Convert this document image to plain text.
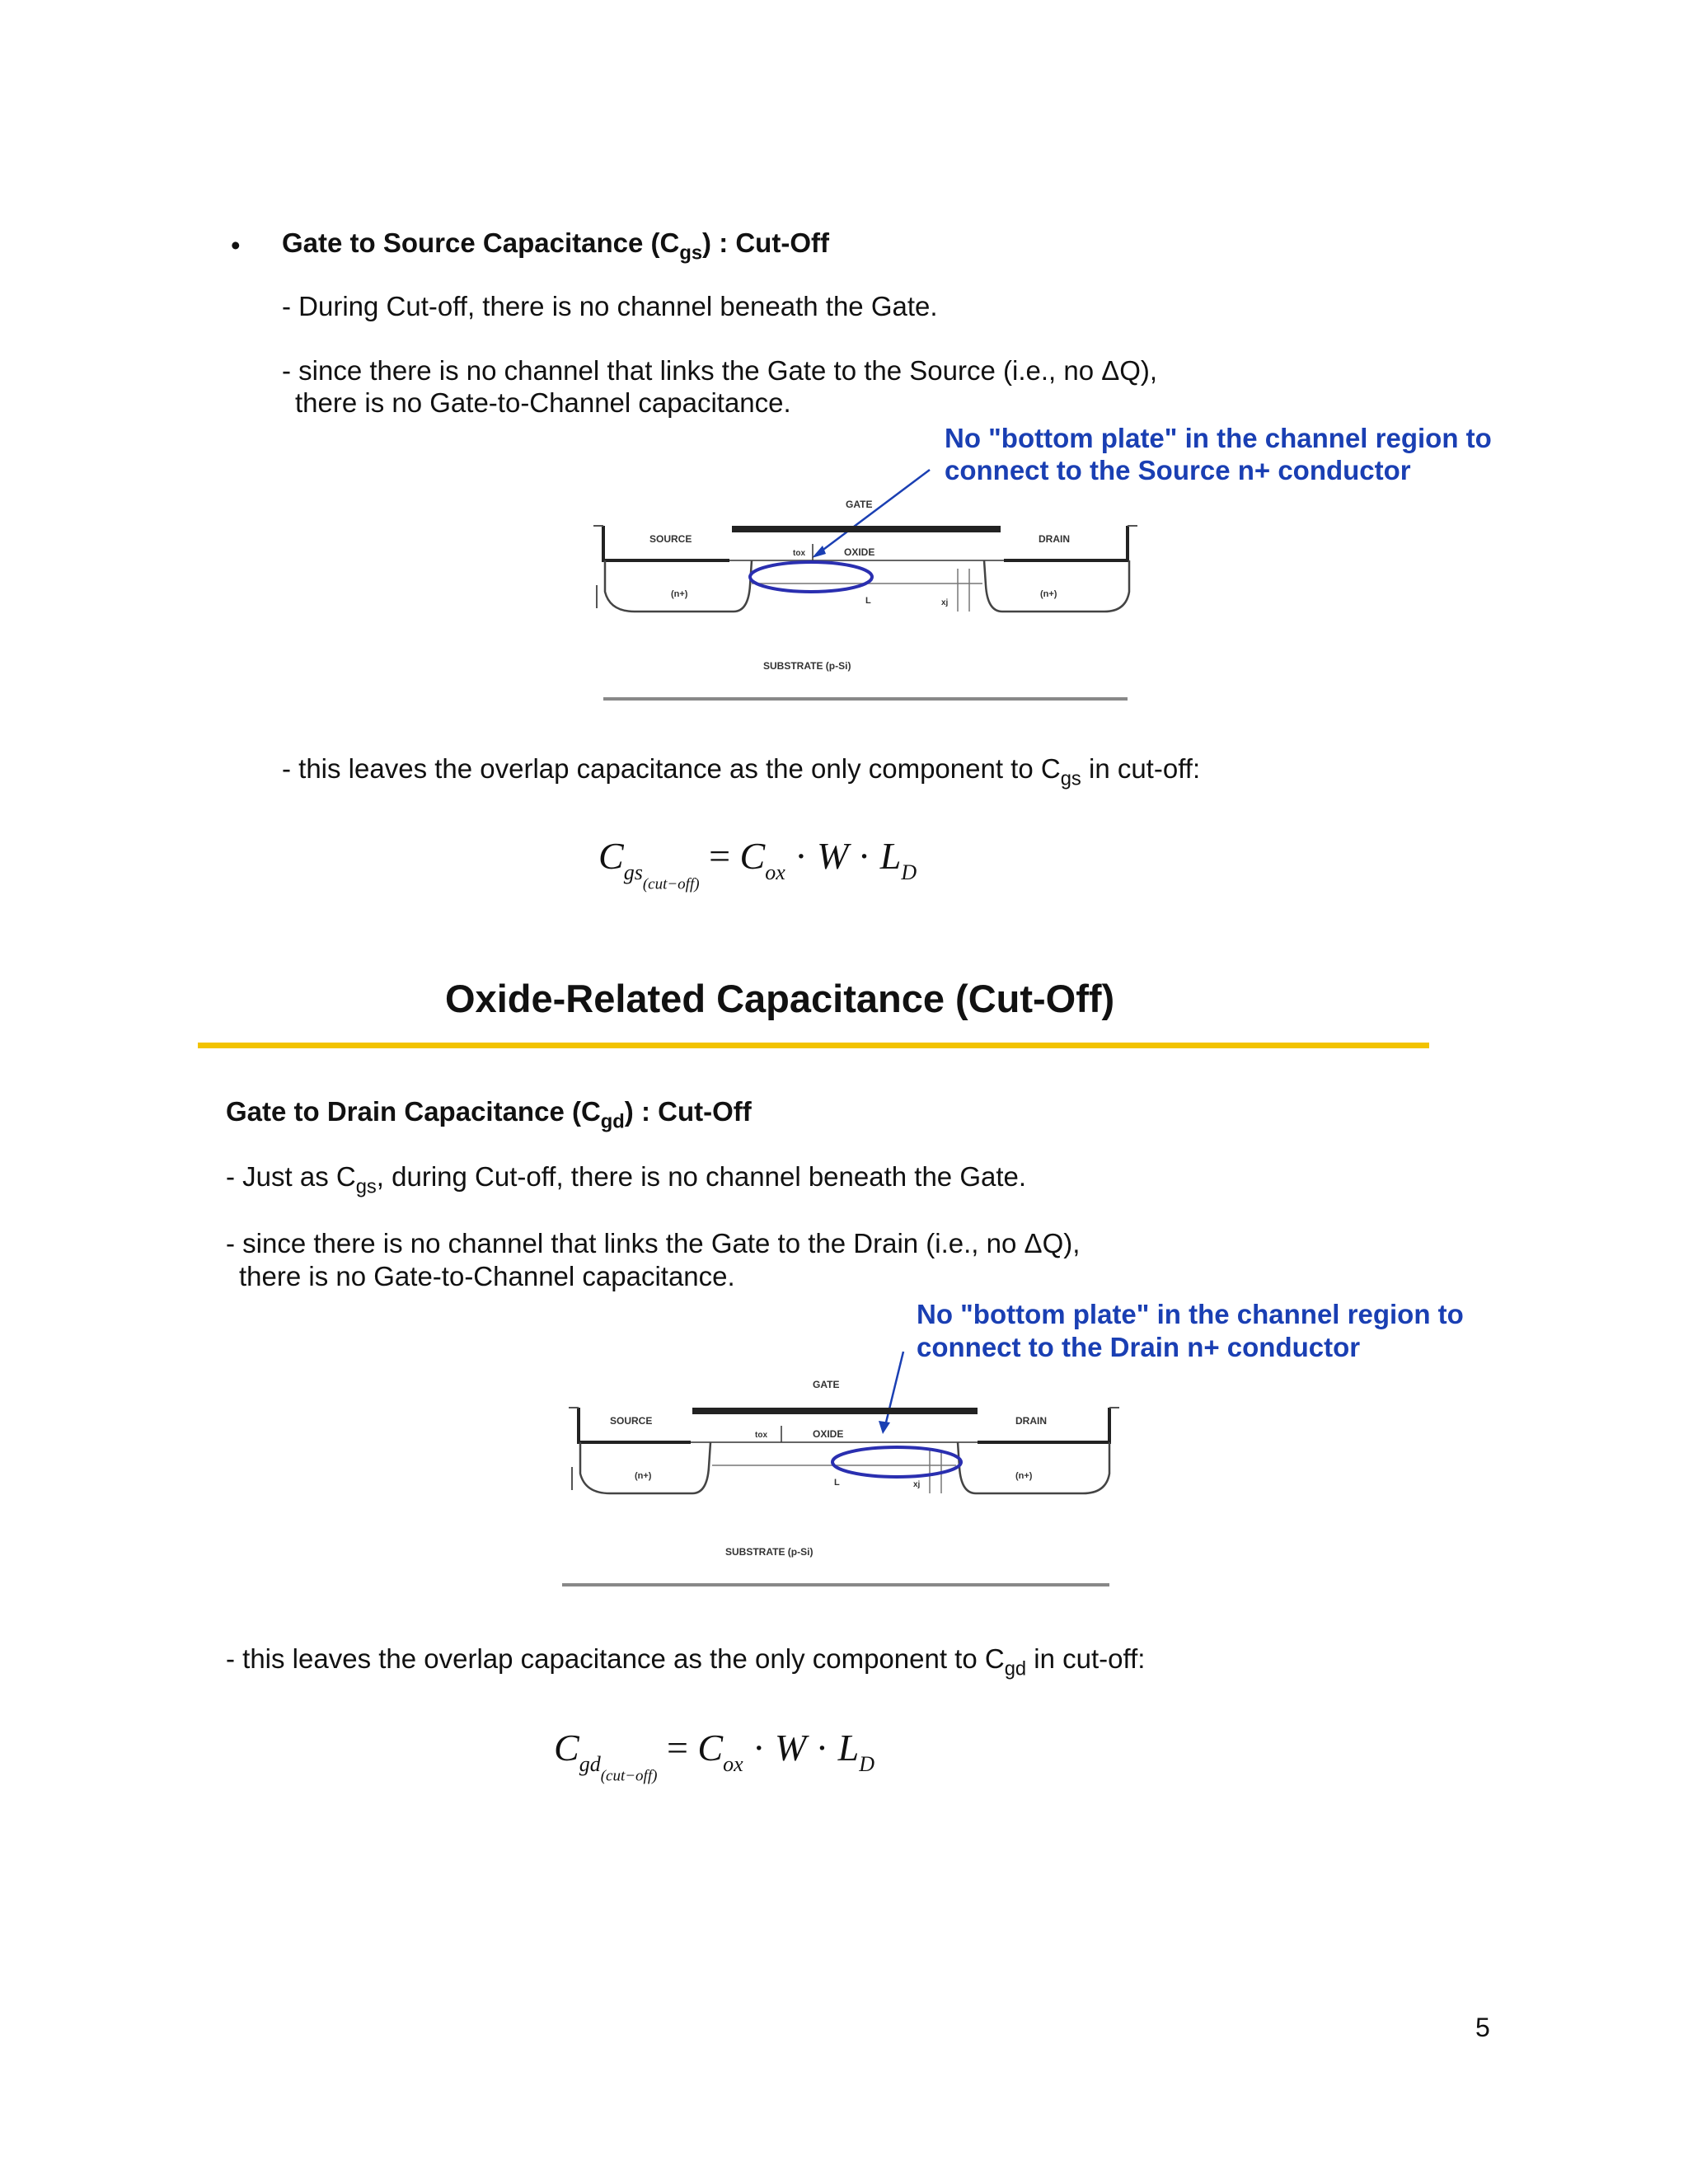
• Gate to Source Capacitance $(C_{gs})$ : Cut-Off
- During Cut-off, there is no channel beneath the Gate.
- since there is no channel that links the Gate to the Source (i.e., no ΔQ),
there is no Gate-to-Channel capacitance.
No "bottom plate" in the channel region to
connect to the Source n+ conductor
GATE
SOURCE	DRAIN
OXIDE
tox
(n+)	(n+)
L	xj
SUBSTRATE (p-Si)
- this leaves the overlap capacitance as the only component to $C_{gs}$ in cut-off:
$C_{gs(cut-off)} = C_{ox} \cdot W \cdot L_D$
Oxide-Related Capacitance (Cut-Off)
Gate to Drain Capacitance $(C_{gd})$ : Cut-Off
- Just as $C_{gs}$, during Cut-off, there is no channel beneath the Gate.
- since there is no channel that links the Gate to the Drain (i.e., no ΔQ),
there is no Gate-to-Channel capacitance.
No "bottom plate" in the channel region to
connect to the Drain n+ conductor
GATE
SOURCE	DRAIN
OXIDE
tox
(n+)	(n+)
L	xj
SUBSTRATE (p-Si)
- this leaves the overlap capacitance as the only component to $C_{gd}$ in cut-off:
$C_{gd(cut-off)} = C_{ox} \cdot W \cdot L_D$
5
